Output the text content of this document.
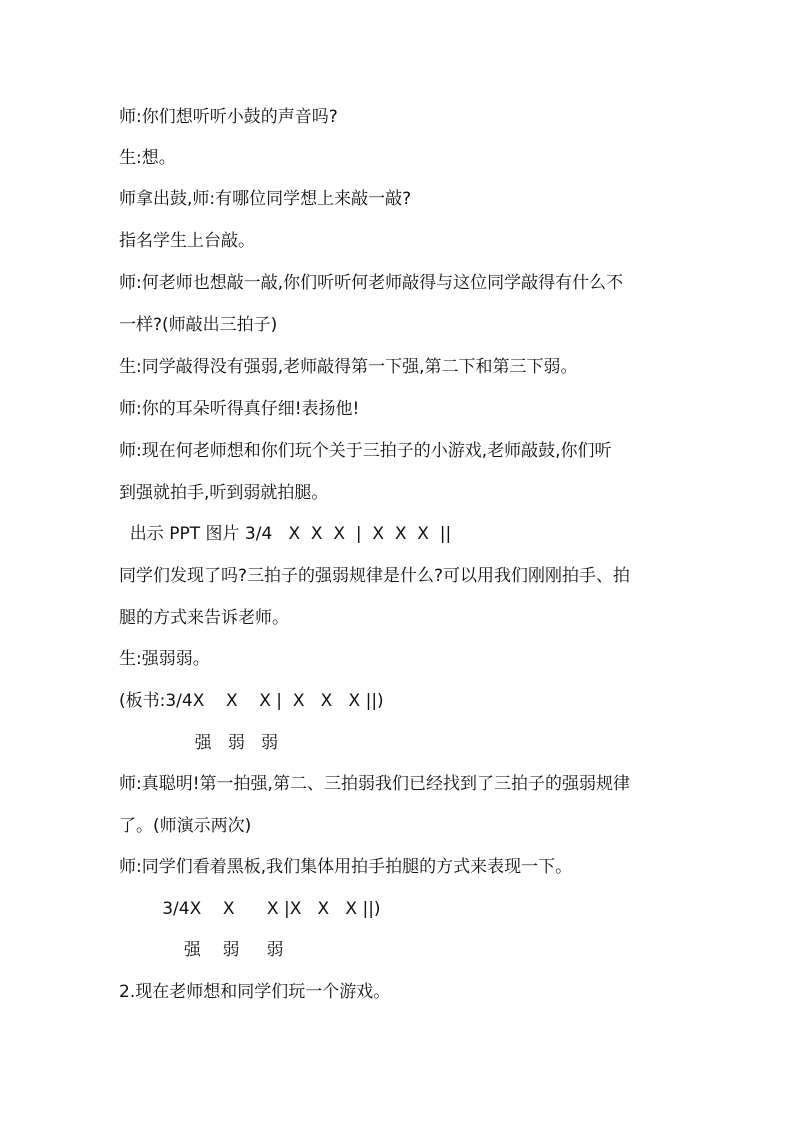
师:你们想听听小鼓的声音吗?

生:想。

师拿出鼓,师:有哪位同学想上来敲一敲?

指名学生上台敲。

师:何老师也想敲一敲,你们听听何老师敲得与这位同学敲得有什么不

一样?(师敲出三拍子)

生:同学敲得没有强弱,老师敲得第一下强,第二下和第三下弱。

师:你的耳朵听得真仔细!表扬他!

师:现在何老师想和你们玩个关于三拍子的小游戏,老师敲鼓,你们听

到强就拍手,听到弱就拍腿。

出示 PPT 图片 3/4   X  X  X  |  X  X  X  ||

同学们发现了吗?三拍子的强弱规律是什么?可以用我们刚刚拍手、拍

腿的方式来告诉老师。

生:强弱弱。

(板书:3/4X    X    X |  X   X   X ||)

强   弱   弱

师:真聪明!第一拍强,第二、三拍弱我们已经找到了三拍子的强弱规律

了。(师演示两次)

师:同学们看着黑板,我们集体用拍手拍腿的方式来表现一下。

3/4X    X      X |X   X   X ||)

强    弱     弱

2.现在老师想和同学们玩一个游戏。
